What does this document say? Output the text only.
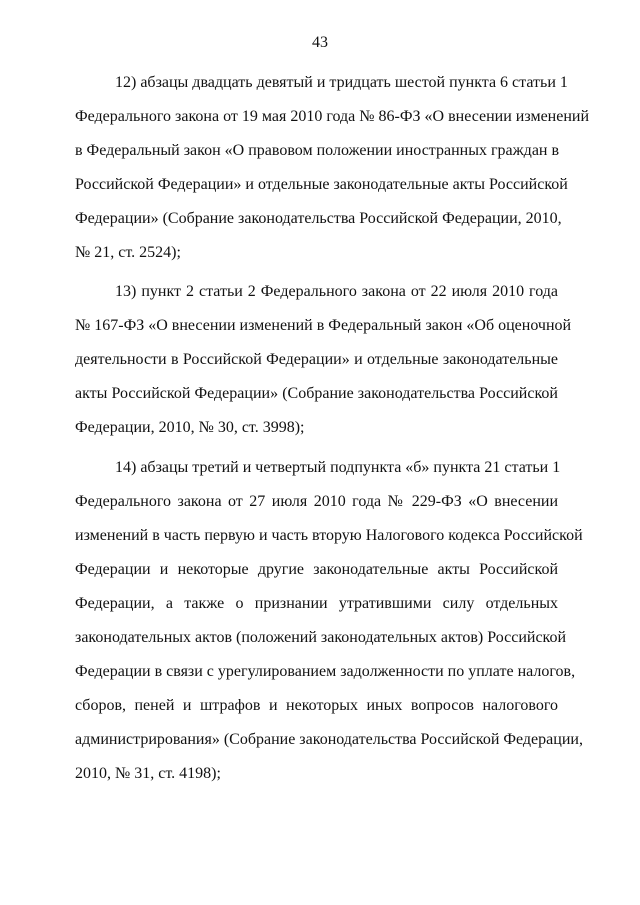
43
12) абзацы двадцать девятый и тридцать шестой пункта 6 статьи 1
Федерального закона от 19 мая 2010 года № 86-ФЗ «О внесении изменений
в Федеральный закон «О правовом положении иностранных граждан в
Российской Федерации» и отдельные законодательные акты Российской
Федерации» (Собрание законодательства Российской Федерации, 2010,
№ 21, ст. 2524);
13) пункт 2 статьи 2 Федерального закона от 22 июля 2010 года
№ 167-ФЗ «О внесении изменений в Федеральный закон «Об оценочной
деятельности в Российской Федерации» и отдельные законодательные
акты Российской Федерации» (Собрание законодательства Российской
Федерации, 2010, № 30, ст. 3998);
14) абзацы третий и четвертый подпункта «б» пункта 21 статьи 1
Федерального закона от 27 июля 2010 года № 229-ФЗ «О внесении
изменений в часть первую и часть вторую Налогового кодекса Российской
Федерации и некоторые другие законодательные акты Российской
Федерации, а также о признании утратившими силу отдельных
законодательных актов (положений законодательных актов) Российской
Федерации в связи с урегулированием задолженности по уплате налогов,
сборов, пеней и штрафов и некоторых иных вопросов налогового
администрирования» (Собрание законодательства Российской Федерации,
2010, № 31, ст. 4198);
